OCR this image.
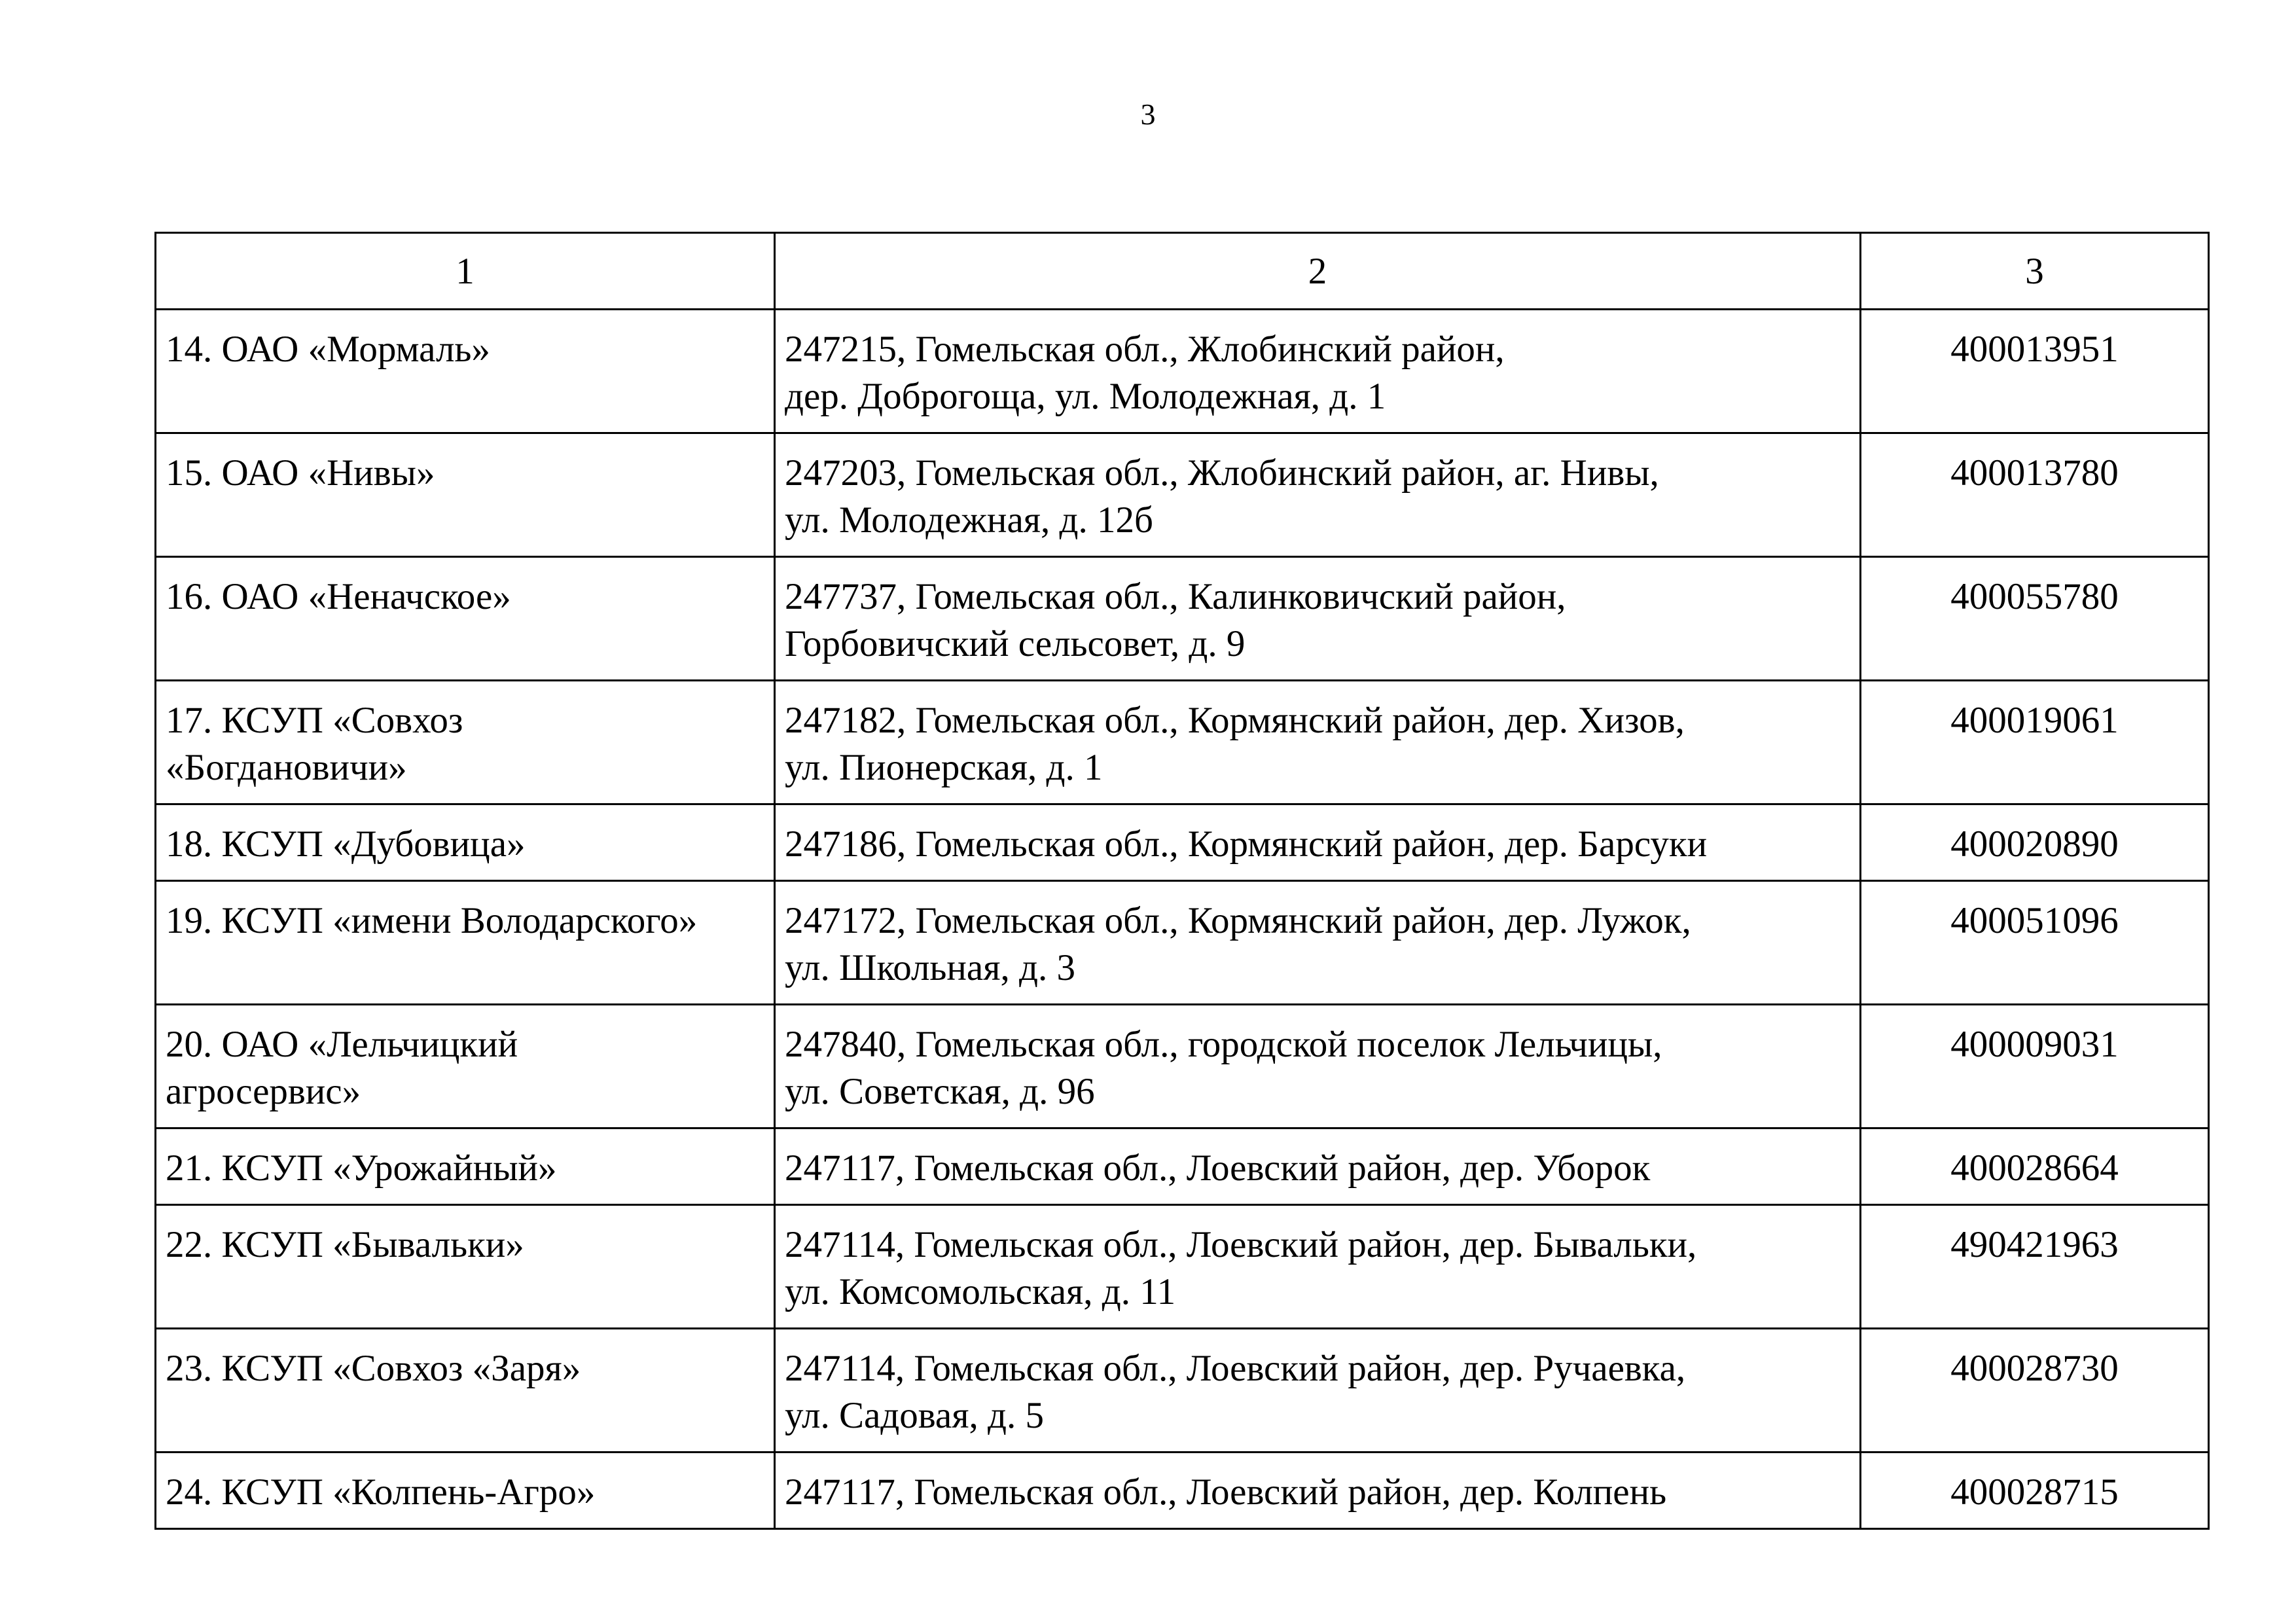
3
1	2	3

14. ОАО «Мормаль»	247215, Гомельская обл., Жлобинский район,
дер. Доброгоща, ул. Молодежная, д. 1	400013951

15. ОАО «Нивы»	247203, Гомельская обл., Жлобинский район, аг. Нивы,
ул. Молодежная, д. 12б	400013780

16. ОАО «Неначское»	247737, Гомельская обл., Калинковичский район,
Горбовичский сельсовет, д. 9	400055780

17. КСУП «Совхоз
«Богдановичи»	247182, Гомельская обл., Кормянский район, дер. Хизов,
ул. Пионерская, д. 1	400019061

18. КСУП «Дубовица»	247186, Гомельская обл., Кормянский район, дер. Барсуки	400020890

19. КСУП «имени Володарского»	247172, Гомельская обл., Кормянский район, дер. Лужок,
ул. Школьная, д. 3	400051096

20. ОАО «Лельчицкий
агросервис»	247840, Гомельская обл., городской поселок Лельчицы,
ул. Советская, д. 96	400009031

21. КСУП «Урожайный»	247117, Гомельская обл., Лоевский район, дер. Уборок	400028664

22. КСУП «Бывальки»	247114, Гомельская обл., Лоевский район, дер. Бывальки,
ул. Комсомольская, д. 11	490421963

23. КСУП «Совхоз «Заря»	247114, Гомельская обл., Лоевский район, дер. Ручаевка,
ул. Садовая, д. 5	400028730

24. КСУП «Колпень-Агро»	247117, Гомельская обл., Лоевский район, дер. Колпень	400028715
